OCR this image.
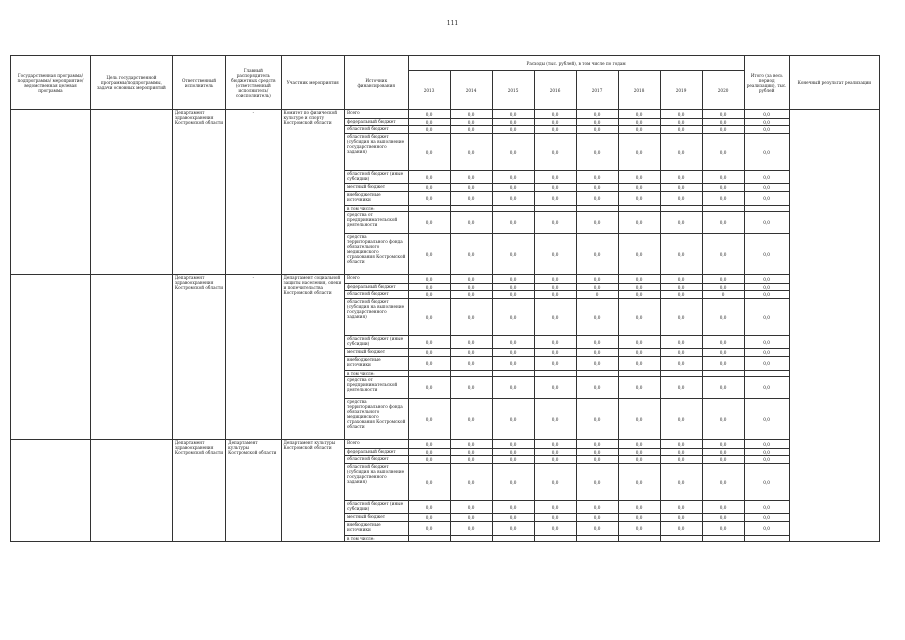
111
Государственная программа/подпрограмма/ мероприятие/ ведомственная целевая программа	Цель государственной программы/подпрограммы, задачи основных мероприятий	Ответственный исполнитель	Главный распорядитель бюджетных средств (ответственный исполнитель/ соисполнитель)	Участник мероприятия	Источник финансирования	Расходы (тыс. рублей), в том числе по годам								Итого (за весь период реализации), тыс. рублей	Конечный результат реализации
						2013	2014	2015	2016	2017	2018	2019	2020		
		Департамент здравоохранения Костромской области	-	Комитет по физической культуре и спорту Костромской области	Всего	0,0	0,0	0,0	0,0	0,0	0,0	0,0	0,0	0,0	
					федеральный бюджет	0,0	0,0	0,0	0,0	0,0	0,0	0,0	0,0	0,0	
					областной бюджет	0,0	0,0	0,0	0,0	0,0	0,0	0,0	0,0	0,0	
					областной бюджет (субсидия на выполнение государственного задания)	0,0	0,0	0,0	0,0	0,0	0,0	0,0	0,0	0,0	
					областной бюджет (иные субсидии)	0,0	0,0	0,0	0,0	0,0	0,0	0,0	0,0	0,0	
					местный бюджет	0,0	0,0	0,0	0,0	0,0	0,0	0,0	0,0	0,0	
					внебюджетные источники	0,0	0,0	0,0	0,0	0,0	0,0	0,0	0,0	0,0	
					в том числе:										
					средства от предпринимательской деятельности	0,0	0,0	0,0	0,0	0,0	0,0	0,0	0,0	0,0	
					средства территориального фонда обязательного медицинского страхования Костромской области	0,0	0,0	0,0	0,0	0,0	0,0	0,0	0,0	0,0	
		Департамент здравоохранения Костромской области	-	Департамент социальной защиты населения, опеки и попечительства Костромской области	Всего	0,0	0,0	0,0	0,0	0,0	0,0	0,0	0,0	0,0	
					федеральный бюджет	0,0	0,0	0,0	0,0	0,0	0,0	0,0	0,0	0,0	
					областной бюджет	0,0	0,0	0,0	0,0	0	0,0	0,0	0	0,0	
					областной бюджет (субсидия на выполнение государственного задания)	0,0	0,0	0,0	0,0	0,0	0,0	0,0	0,0	0,0	
					областной бюджет (иные субсидии)	0,0	0,0	0,0	0,0	0,0	0,0	0,0	0,0	0,0	
					местный бюджет	0,0	0,0	0,0	0,0	0,0	0,0	0,0	0,0	0,0	
					внебюджетные источники	0,0	0,0	0,0	0,0	0,0	0,0	0,0	0,0	0,0	
					в том числе:										
					средства от предпринимательской деятельности	0,0	0,0	0,0	0,0	0,0	0,0	0,0	0,0	0,0	
					средства территориального фонда обязательного медицинского страхования Костромской области	0,0	0,0	0,0	0,0	0,0	0,0	0,0	0,0	0,0	
		Департамент здравоохранения Костромской области	Департамент культуры Костромской области	Департамент культуры Костромской области	Всего	0,0	0,0	0,0	0,0	0,0	0,0	0,0	0,0	0,0	
					федеральный бюджет	0,0	0,0	0,0	0,0	0,0	0,0	0,0	0,0	0,0	
					областной бюджет	0,0	0,0	0,0	0,0	0,0	0,0	0,0	0,0	0,0	
					областной бюджет (субсидия на выполнение государственного задания)	0,0	0,0	0,0	0,0	0,0	0,0	0,0	0,0	0,0	
					областной бюджет (иные субсидии)	0,0	0,0	0,0	0,0	0,0	0,0	0,0	0,0	0,0	
					местный бюджет	0,0	0,0	0,0	0,0	0,0	0,0	0,0	0,0	0,0	
					внебюджетные источники	0,0	0,0	0,0	0,0	0,0	0,0	0,0	0,0	0,0	
					в том числе:										
